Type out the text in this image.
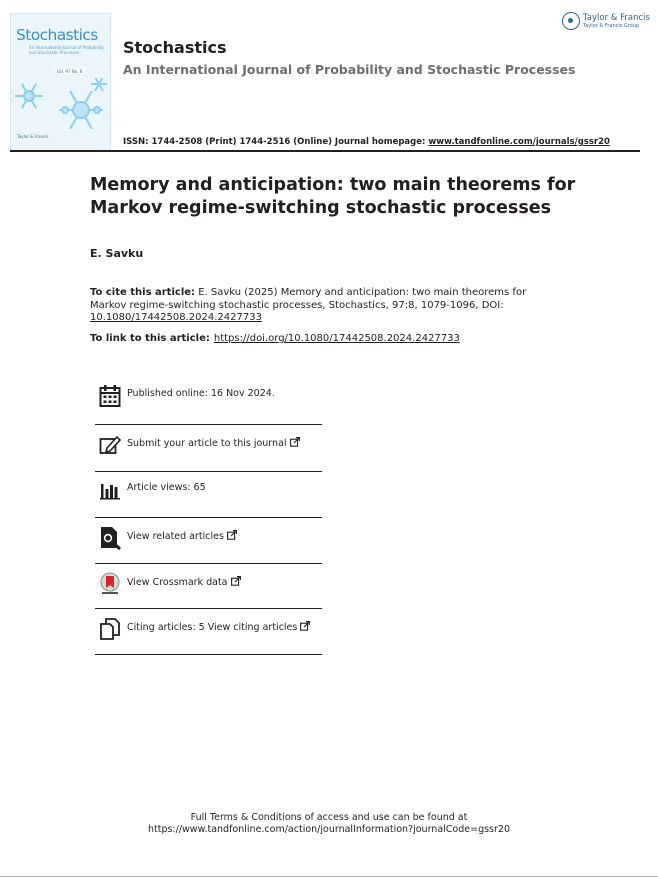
Stochastics
An International Journal of Probability and Stochastic Processes
Vol. 97 No. 8
Taylor & Francis
Taylor & Francis
Taylor & Francis Group
Stochastics
An International Journal of Probability and Stochastic Processes
ISSN: 1744-2508 (Print) 1744-2516 (Online) Journal homepage: www.tandfonline.com/journals/gssr20
Memory and anticipation: two main theorems for Markov regime-switching stochastic processes
E. Savku
To cite this article: E. Savku (2025) Memory and anticipation: two main theorems for Markov regime-switching stochastic processes, Stochastics, 97:8, 1079-1096, DOI: 10.1080/17442508.2024.2427733
To link to this article: https://doi.org/10.1080/17442508.2024.2427733
Published online: 16 Nov 2024.
Submit your article to this journal
Article views: 65
View related articles
View Crossmark data
Citing articles: 5 View citing articles
Full Terms & Conditions of access and use can be found at
https://www.tandfonline.com/action/journalInformation?journalCode=gssr20
